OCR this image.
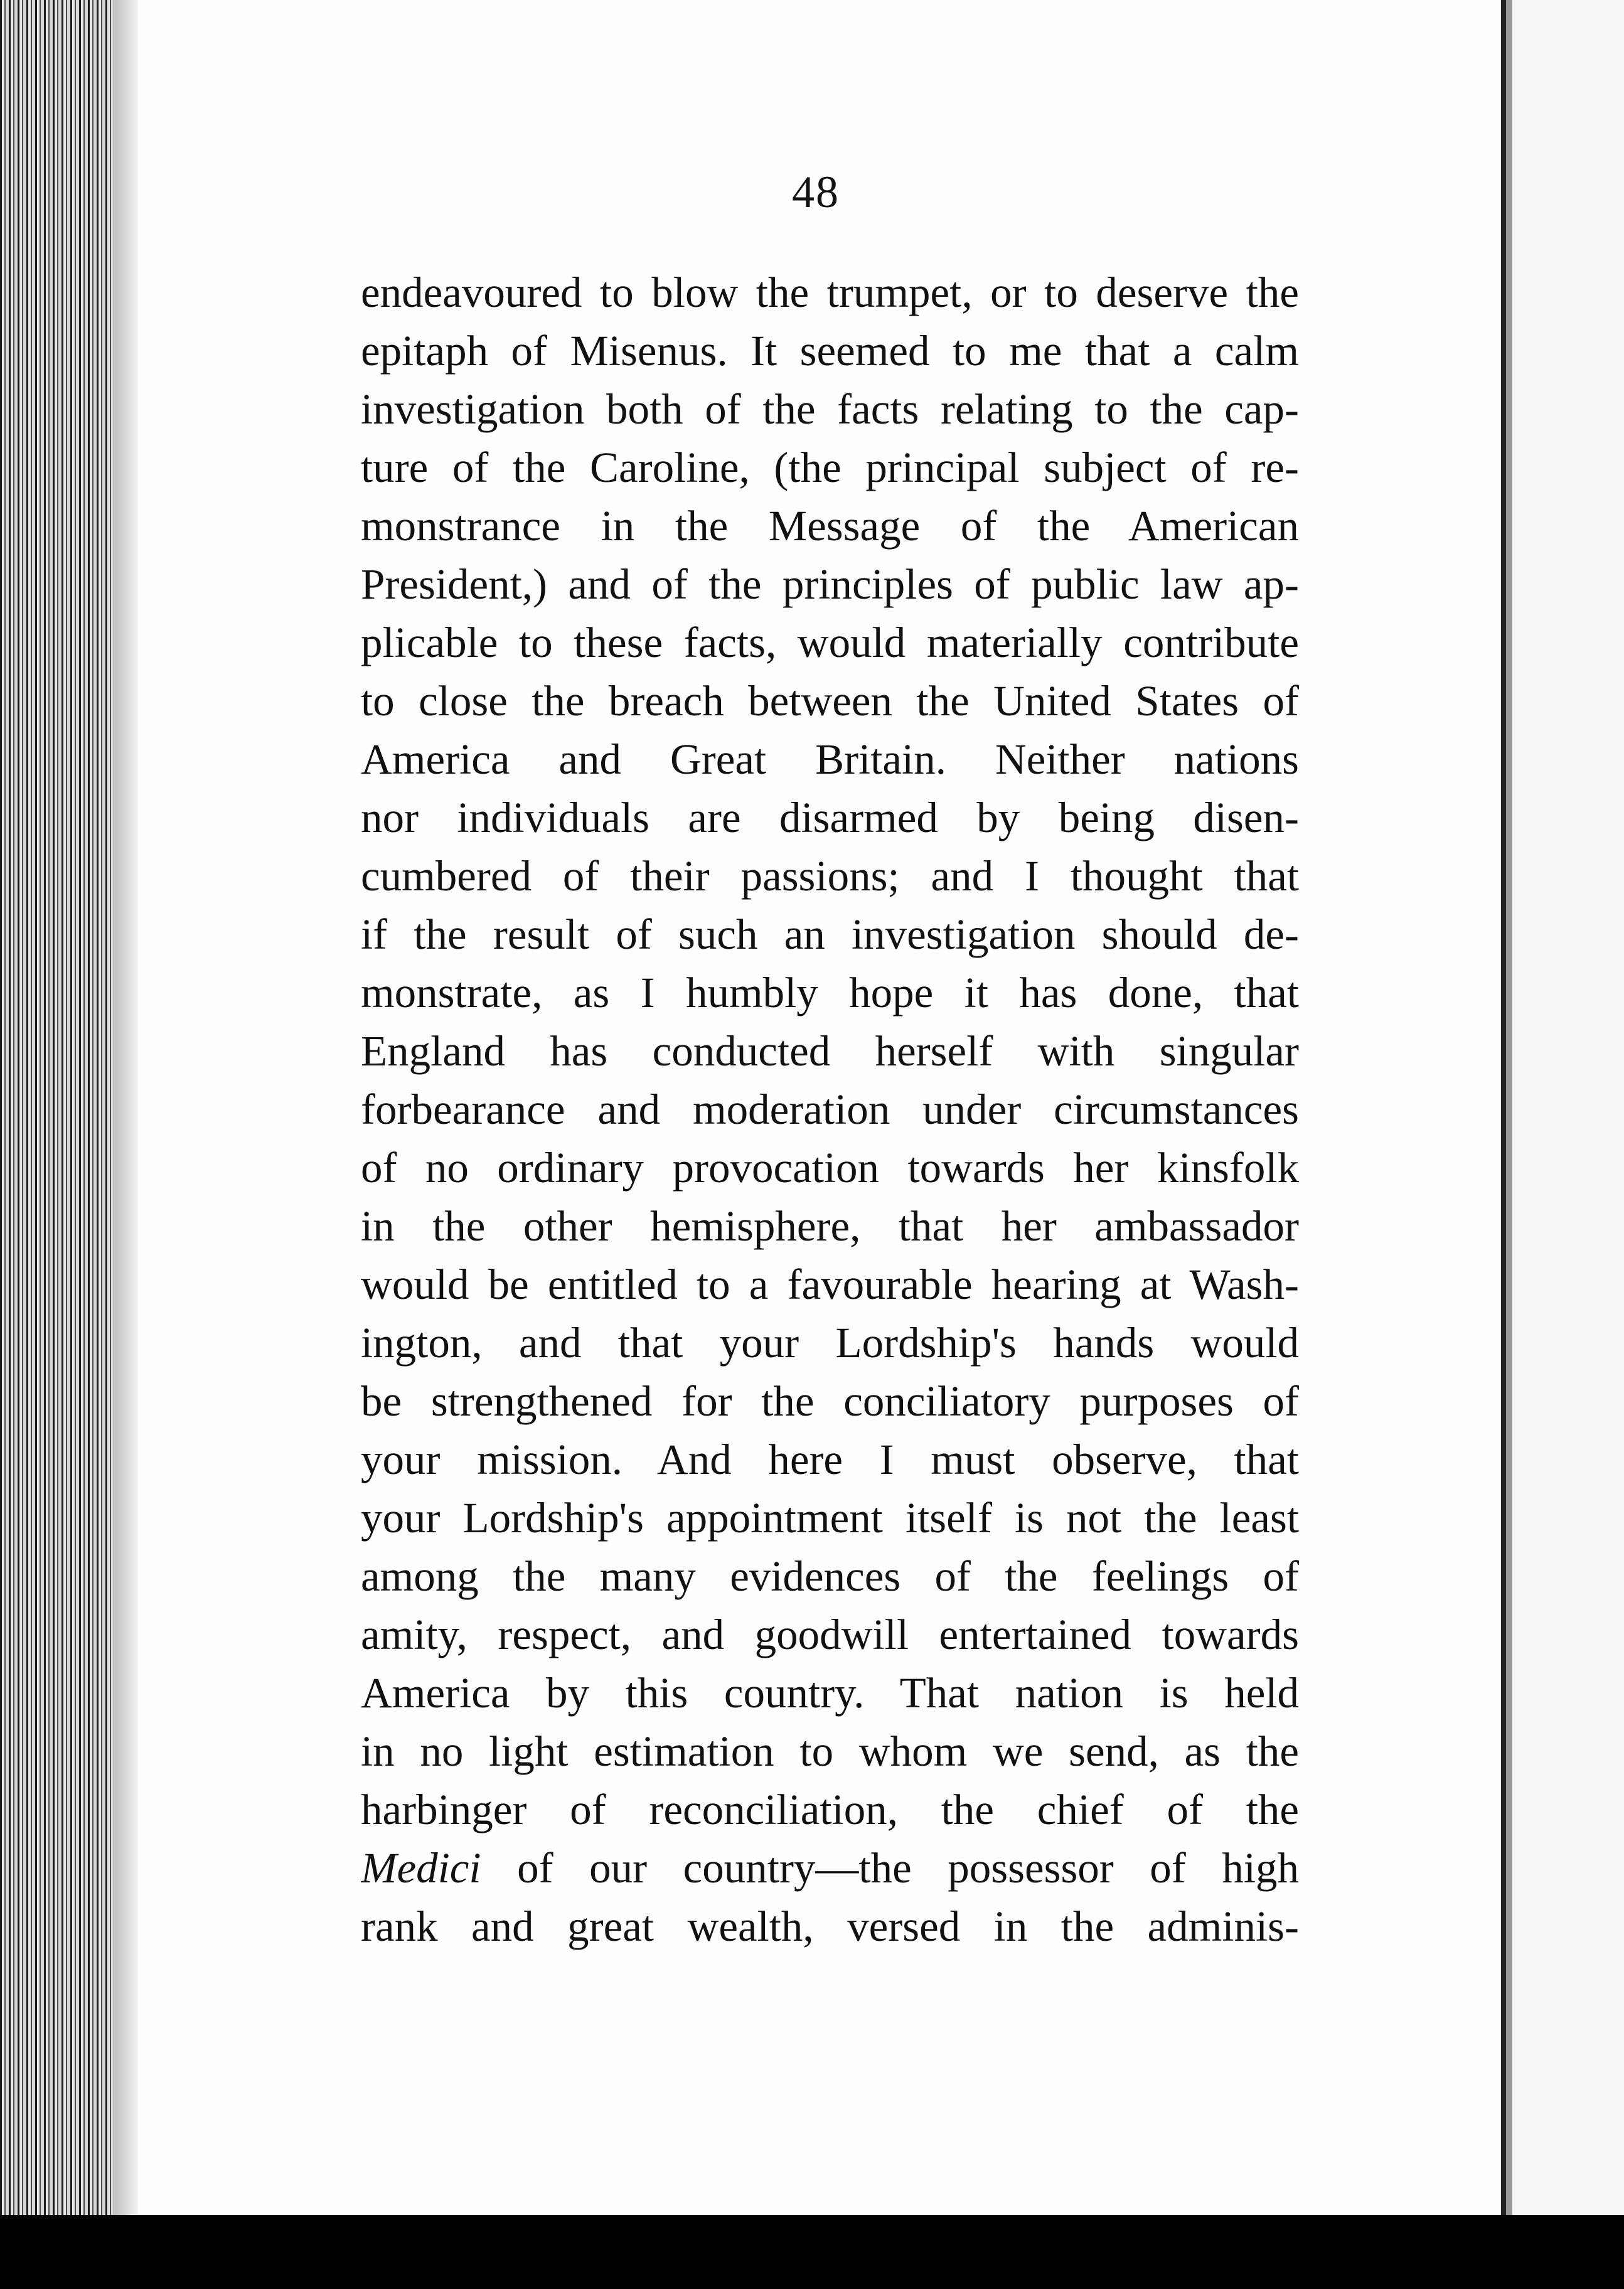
48
endeavoured to blow the trumpet, or to deserve the
epitaph of Misenus. It seemed to me that a calm
investigation both of the facts relating to the cap-
ture of the Caroline, (the principal subject of re-
monstrance in the Message of the American
President,) and of the principles of public law ap-
plicable to these facts, would materially contribute
to close the breach between the United States of
America and Great Britain. Neither nations
nor individuals are disarmed by being disen-
cumbered of their passions; and I thought that
if the result of such an investigation should de-
monstrate, as I humbly hope it has done, that
England has conducted herself with singular
forbearance and moderation under circumstances
of no ordinary provocation towards her kinsfolk
in the other hemisphere, that her ambassador
would be entitled to a favourable hearing at Wash-
ington, and that your Lordship's hands would
be strengthened for the conciliatory purposes of
your mission. And here I must observe, that
your Lordship's appointment itself is not the least
among the many evidences of the feelings of
amity, respect, and goodwill entertained towards
America by this country. That nation is held
in no light estimation to whom we send, as the
harbinger of reconciliation, the chief of the
Medici of our country—the possessor of high
rank and great wealth, versed in the adminis-
